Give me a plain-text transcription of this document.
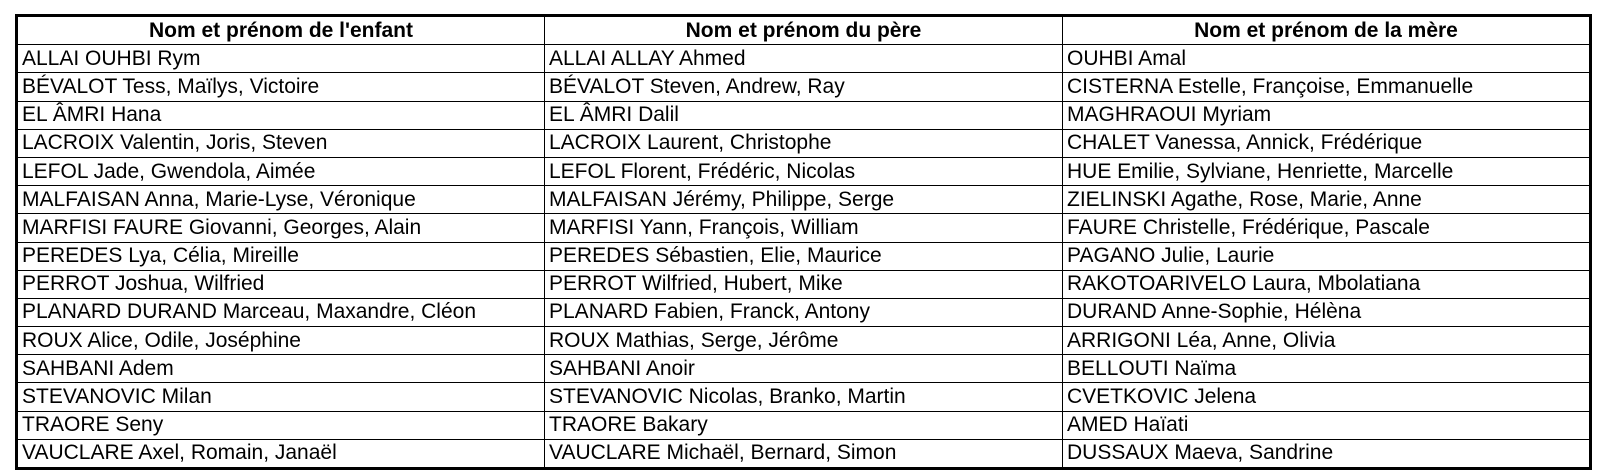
Nom et prénom de l'enfant	Nom et prénom du père	Nom et prénom de la mère
ALLAI OUHBI Rym	ALLAI ALLAY Ahmed	OUHBI Amal
BÉVALOT Tess, Maïlys, Victoire	BÉVALOT Steven, Andrew, Ray	CISTERNA Estelle, Françoise, Emmanuelle
EL ÂMRI Hana	EL ÂMRI Dalil	MAGHRAOUI Myriam
LACROIX Valentin, Joris, Steven	LACROIX Laurent, Christophe	CHALET Vanessa, Annick, Frédérique
LEFOL Jade, Gwendola, Aimée	LEFOL Florent, Frédéric, Nicolas	HUE Emilie, Sylviane, Henriette, Marcelle
MALFAISAN Anna, Marie-Lyse, Véronique	MALFAISAN Jérémy, Philippe, Serge	ZIELINSKI Agathe, Rose, Marie, Anne
MARFISI FAURE Giovanni, Georges, Alain	MARFISI Yann, François, William	FAURE Christelle, Frédérique, Pascale
PEREDES Lya, Célia, Mireille	PEREDES Sébastien, Elie, Maurice	PAGANO Julie, Laurie
PERROT Joshua, Wilfried	PERROT Wilfried, Hubert, Mike	RAKOTOARIVELO Laura, Mbolatiana
PLANARD DURAND Marceau, Maxandre, Cléon	PLANARD Fabien, Franck, Antony	DURAND Anne-Sophie, Hélèna
ROUX Alice, Odile, Joséphine	ROUX Mathias, Serge, Jérôme	ARRIGONI Léa, Anne, Olivia
SAHBANI Adem	SAHBANI Anoir	BELLOUTI Naïma
STEVANOVIC Milan	STEVANOVIC Nicolas, Branko, Martin	CVETKOVIC Jelena
TRAORE Seny	TRAORE Bakary	AMED Haïati
VAUCLARE Axel, Romain, Janaël	VAUCLARE Michaël, Bernard, Simon	DUSSAUX Maeva, Sandrine
